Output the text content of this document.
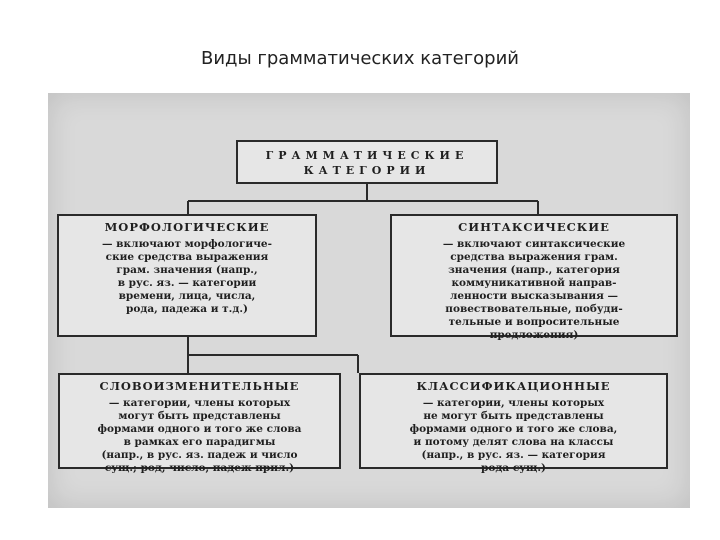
Виды грамматических категорий
ГРАММАТИЧЕСКИЕ
КАТЕГОРИИ
МОРФОЛОГИЧЕСКИЕ
— включают морфологиче-
ские средства выражения
грам. значения (напр.,
в рус. яз. — категории
времени, лица, числа,
рода, падежа и т.д.)
СИНТАКСИЧЕСКИЕ
— включают синтаксические
средства выражения грам.
значения (напр., категория
коммуникативной направ-
ленности высказывания —
повествовательные, побуди-
тельные и вопросительные
предложения)
СЛОВОИЗМЕНИТЕЛЬНЫЕ
— категории, члены которых
могут быть представлены
формами одного и того же слова
в рамках его парадигмы
(напр., в рус. яз. падеж и число
сущ.; род, число, падеж прил.)
КЛАССИФИКАЦИОННЫЕ
— категории, члены которых
не могут быть представлены
формами одного и того же слова,
и потому делят слова на классы
(напр., в рус. яз. — категория
рода сущ.)
